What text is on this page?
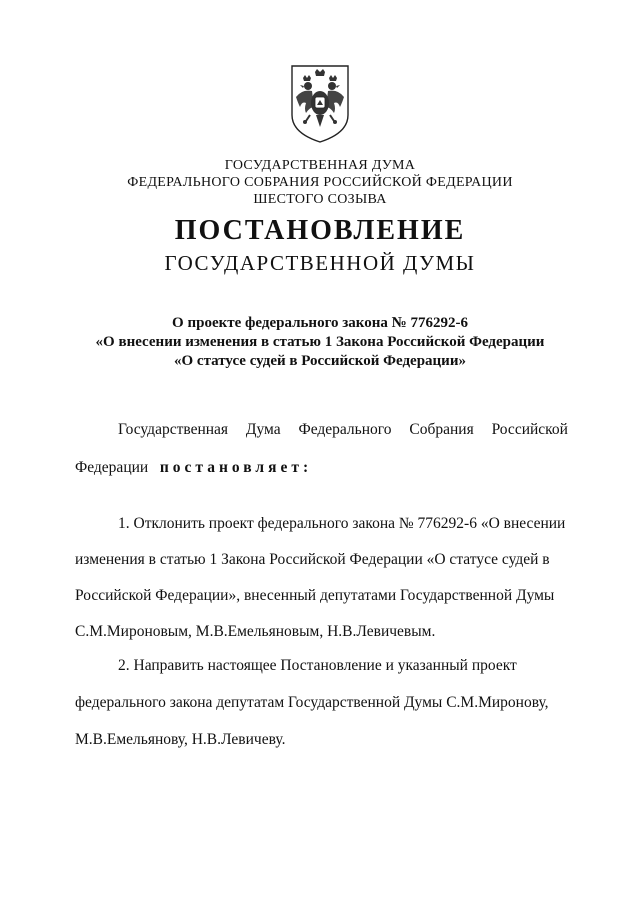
ГОСУДАРСТВЕННАЯ ДУМА
ФЕДЕРАЛЬНОГО СОБРАНИЯ РОССИЙСКОЙ ФЕДЕРАЦИИ
ШЕСТОГО СОЗЫВА
ПОСТАНОВЛЕНИЕ
ГОСУДАРСТВЕННОЙ ДУМЫ
О проекте федерального закона № 776292-6
«О внесении изменения в статью 1 Закона Российской Федерации
«О статусе судей в Российской Федерации»
Государственная Дума Федерального Собрания Российской
Федерации постановляет:
1. Отклонить проект федерального закона № 776292-6 «О внесении
изменения в статью 1 Закона Российской Федерации «О статусе судей в
Российской Федерации», внесенный депутатами Государственной Думы
С.М.Мироновым, М.В.Емельяновым, Н.В.Левичевым.
2. Направить настоящее Постановление и указанный проект
федерального закона депутатам Государственной Думы С.М.Миронову,
М.В.Емельянову, Н.В.Левичеву.
